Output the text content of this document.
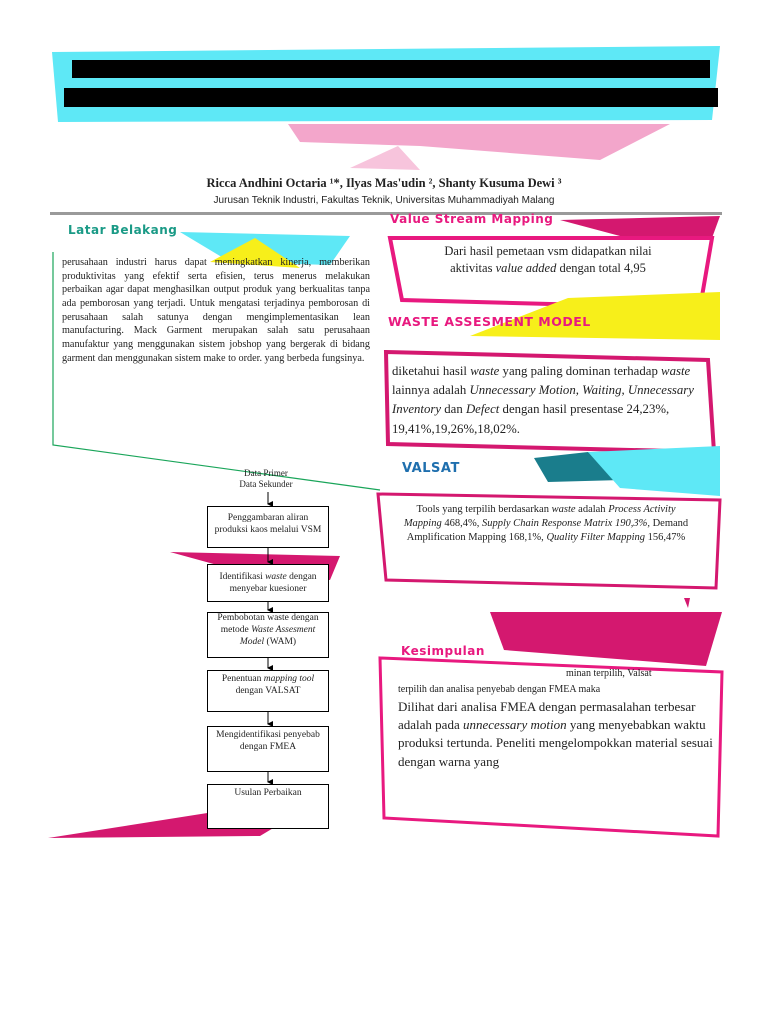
Ricca Andhini Octaria ¹*, Ilyas Mas'udin ², Shanty Kusuma Dewi ³
Jurusan Teknik Industri, Fakultas Teknik, Universitas Muhammadiyah Malang
Latar Belakang
perusahaan industri harus dapat meningkatkan kinerja, memberikan produktivitas yang efektif serta efisien, terus menerus melakukan perbaikan agar dapat menghasilkan output produk yang berkualitas tanpa ada pemborosan yang terjadi. Untuk mengatasi terjadinya pemborosan di perusahaan salah satunya dengan mengimplementasikan lean manufacturing. Mack Garment merupakan salah satu perusahaan manufaktur yang menggunakan sistem jobshop yang bergerak di bidang garment dan menggunakan sistem make to order. yang berbeda fungsinya.
Data Primer
Data Sekunder
Penggambaran aliran produksi kaos melalui VSM
Identifikasi waste dengan menyebar kuesioner
Pembobotan waste dengan metode Waste Assesment Model (WAM)
Penentuan mapping tool dengan VALSAT
Mengidentifikasi penyebab dengan FMEA
Usulan Perbaikan
Value Stream Mapping
Dari hasil pemetaan vsm didapatkan nilai
aktivitas value added dengan total 4,95
WASTE ASSESMENT MODEL
diketahui hasil waste yang paling dominan terhadap waste lainnya adalah Unnecessary Motion, Waiting, Unnecessary Inventory dan Defect dengan hasil presentase 24,23%, 19,41%,19,26%,18,02%.
VALSAT
Tools yang terpilih berdasarkan waste adalah Process Activity Mapping 468,4%, Supply Chain Response Matrix 190,3%, Demand Amplification Mapping 168,1%, Quality Filter Mapping 156,47%
Kesimpulan
minan terpilih, Valsat
terpilih dan analisa penyebab dengan FMEA maka
Dilihat dari analisa FMEA dengan permasalahan terbesar adalah pada unnecessary motion yang menyebabkan waktu produksi tertunda. Peneliti mengelompokkan material sesuai dengan warna yang
